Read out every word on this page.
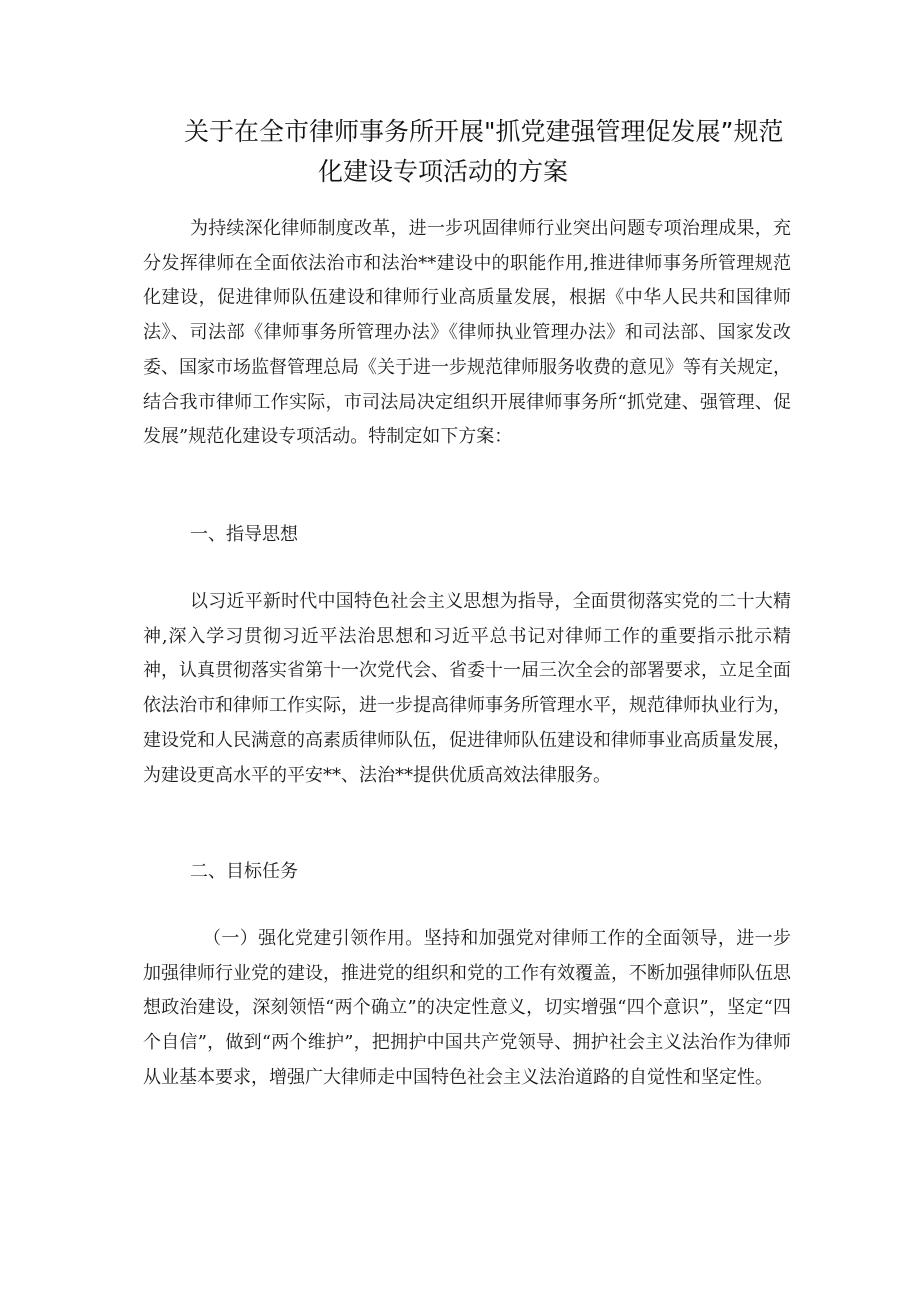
关于在全市律师事务所开展"抓党建强管理促发展”规范
化建设专项活动的方案

为持续深化律师制度改革，进一步巩固律师行业突出问题专项治理成果，充分发挥律师在全面依法治市和法治**建设中的职能作用,推进律师事务所管理规范化建设，促进律师队伍建设和律师行业高质量发展，根据《中华人民共和国律师法》、司法部《律师事务所管理办法》《律师执业管理办法》和司法部、国家发改委、国家市场监督管理总局《关于进一步规范律师服务收费的意见》等有关规定，结合我市律师工作实际，市司法局决定组织开展律师事务所“抓党建、强管理、促发展”规范化建设专项活动。特制定如下方案：

一、指导思想

以习近平新时代中国特色社会主义思想为指导，全面贯彻落实党的二十大精神,深入学习贯彻习近平法治思想和习近平总书记对律师工作的重要指示批示精神，认真贯彻落实省第十一次党代会、省委十一届三次全会的部署要求，立足全面依法治市和律师工作实际，进一步提高律师事务所管理水平，规范律师执业行为，建设党和人民满意的高素质律师队伍，促进律师队伍建设和律师事业高质量发展，为建设更高水平的平安**、法治**提供优质高效法律服务。

二、目标任务

（一）强化党建引领作用。坚持和加强党对律师工作的全面领导，进一步加强律师行业党的建设，推进党的组织和党的工作有效覆盖，不断加强律师队伍思想政治建设，深刻领悟“两个确立”的决定性意义，切实增强“四个意识”，坚定“四个自信”，做到“两个维护”，把拥护中国共产党领导、拥护社会主义法治作为律师从业基本要求，增强广大律师走中国特色社会主义法治道路的自觉性和坚定性。
